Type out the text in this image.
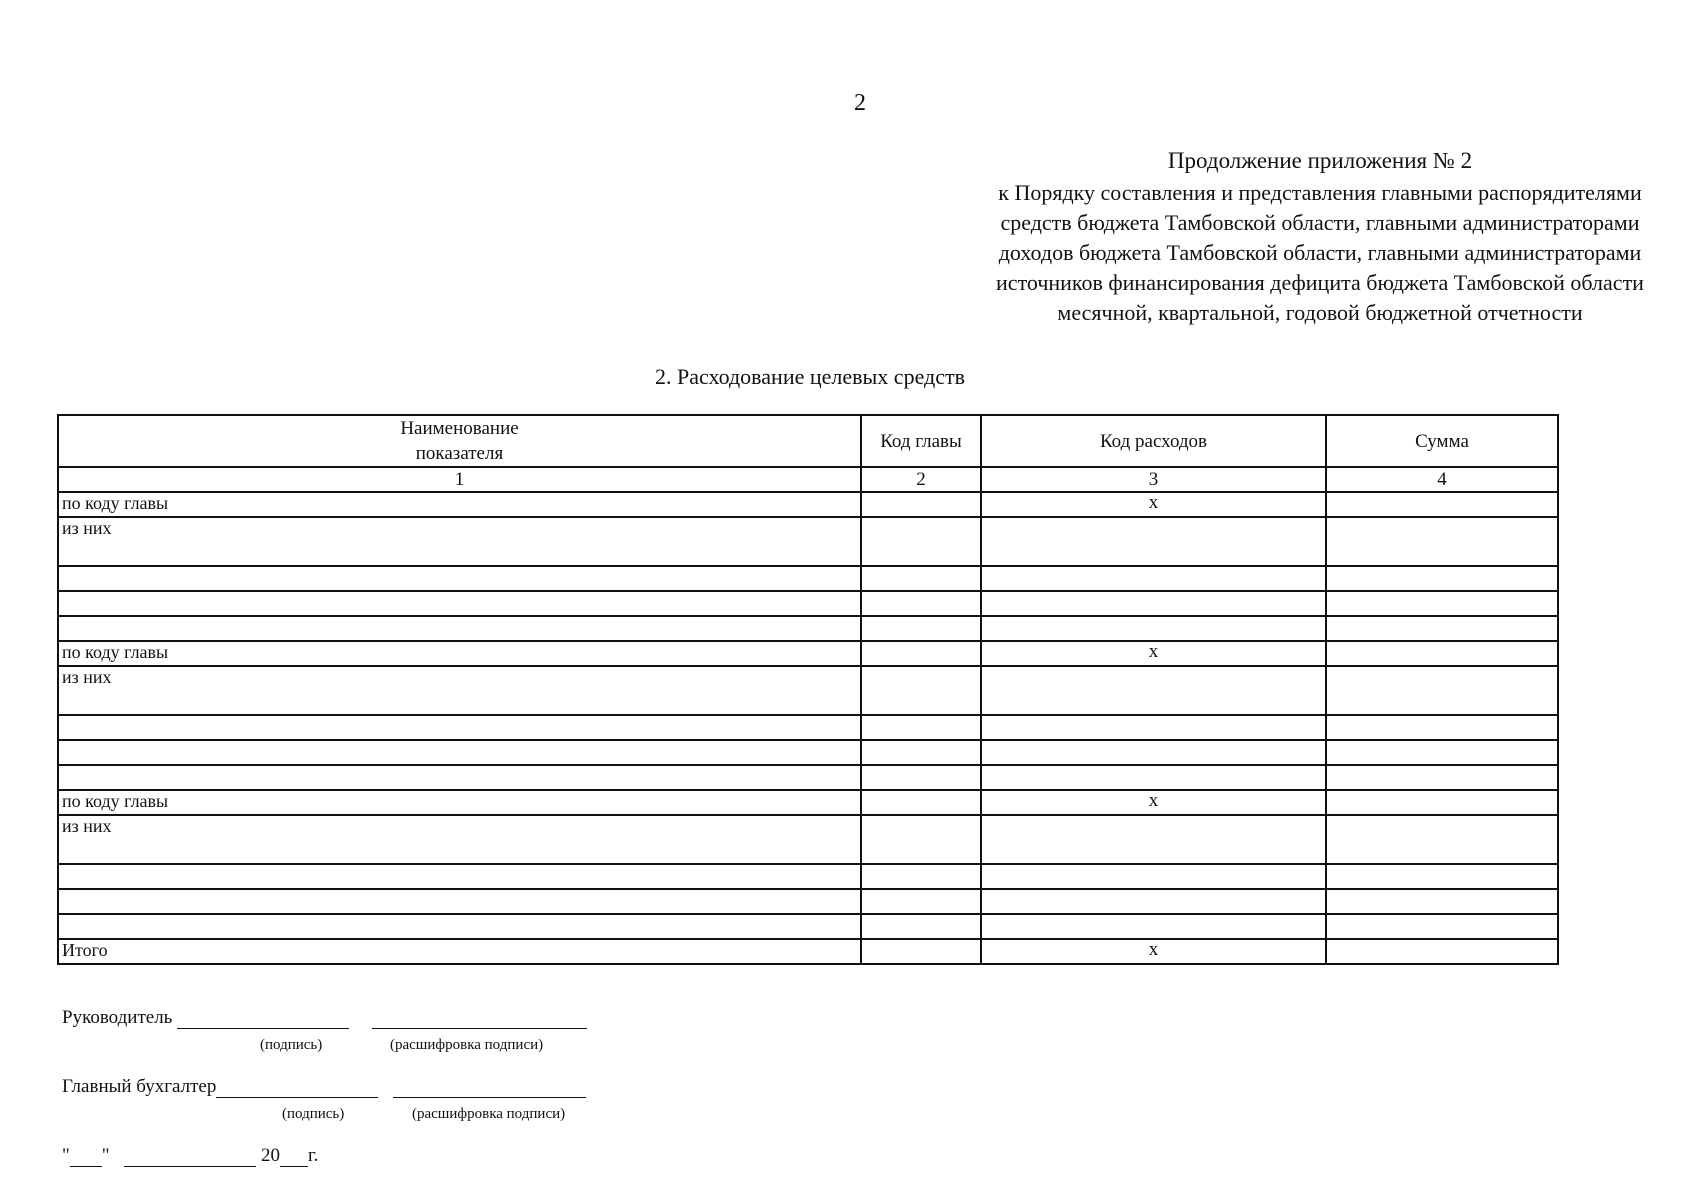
2
Продолжение приложения № 2
к Порядку составления и представления главными распорядителями
средств бюджета Тамбовской области, главными администраторами
доходов бюджета Тамбовской области, главными администраторами
источников финансирования дефицита бюджета Тамбовской области
месячной, квартальной, годовой бюджетной отчетности
2. Расходование целевых средств
Наименование показателя	Код главы	Код расходов	Сумма
1	2	3	4
по коду главы		х	
из них			

по коду главы		х	
из них			

по коду главы		х	
из них			

Итого		х	
Руководитель
(подпись)	(расшифровка подписи)
Главный бухгалтер
(подпись)	(расшифровка подписи)
" "	20 г.
